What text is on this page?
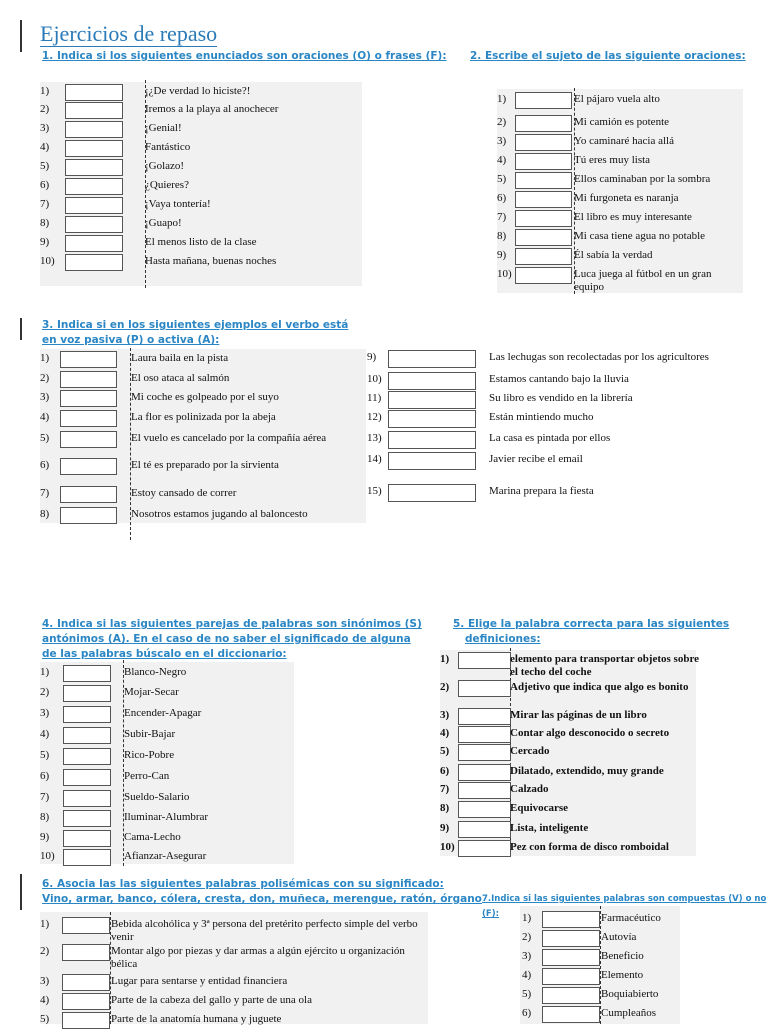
Ejercicios de repaso
1. Indica si los siguientes enunciados son oraciones (O) o frases (F):
1)	¡¿De verdad lo hiciste?!
2)	Iremos a la playa al anochecer
3)	¡Genial!
4)	Fantástico
5)	¡Golazo!
6)	¿Quieres?
7)	¡Vaya tontería!
8)	¡Guapo!
9)	El menos listo de la clase
10)	Hasta mañana, buenas noches
2. Escribe el sujeto de las siguiente oraciones:
1)	El pájaro vuela alto
2)	Mi camión es potente
3)	Yo caminaré hacia allá
4)	Tú eres muy lista
5)	Ellos caminaban por la sombra
6)	Mi furgoneta es naranja
7)	El libro es muy interesante
8)	Mi casa tiene agua no potable
9)	Él sabía la verdad
10)	Luca juega al fútbol en un gran equipo
3. Indica si en los siguientes ejemplos el verbo está
en voz pasiva (P) o activa (A):
1)	Laura baila en la pista
2)	El oso ataca al salmón
3)	Mi coche es golpeado por el suyo
4)	La flor es polinizada por la abeja
5)	El vuelo es cancelado por la compañía aérea
6)	El té es preparado por la sirvienta
7)	Estoy cansado de correr
8)	Nosotros estamos jugando al baloncesto
9)	Las lechugas son recolectadas por los agricultores
10)	Estamos cantando bajo la lluvia
11)	Su libro es vendido en la librería
12)	Están mintiendo mucho
13)	La casa es pintada por ellos
14)	Javier recibe el email
15)	Marina prepara la fiesta
4. Indica si las siguientes parejas de palabras son sinónimos (S)
antónimos (A). En el caso de no saber el significado de alguna
de las palabras búscalo en el diccionario:
1)	Blanco-Negro
2)	Mojar-Secar
3)	Encender-Apagar
4)	Subir-Bajar
5)	Rico-Pobre
6)	Perro-Can
7)	Sueldo-Salario
8)	Iluminar-Alumbrar
9)	Cama-Lecho
10)	Afianzar-Asegurar
5. Elige la palabra correcta para las siguientes
definiciones:
1)	elemento para transportar objetos sobre el techo del coche
2)	Adjetivo que indica que algo es bonito
3)	Mirar las páginas de un libro
4)	Contar algo desconocido o secreto
5)	Cercado
6)	Dilatado, extendido, muy grande
7)	Calzado
8)	Equivocarse
9)	Lista, inteligente
10)	Pez con forma de disco romboidal
6. Asocia las las siguientes palabras polisémicas con su significado:
Vino, armar, banco, cólera, cresta, don, muñeca, merengue, ratón, órgano
1)	Bebida alcohólica y 3ª persona del pretérito perfecto simple del verbo venir
2)	Montar algo por piezas y dar armas a algún ejército u organización bélica
3)	Lugar para sentarse y entidad financiera
4)	Parte de la cabeza del gallo y parte de una ola
5)	Parte de la anatomía humana y juguete
7.Indica si las siguientes palabras son compuestas (V) o no (F):	1)	Farmacéutico
2)	Autovía
3)	Beneficio
4)	Elemento
5)	Boquiabierto
6)	Cumpleaños
